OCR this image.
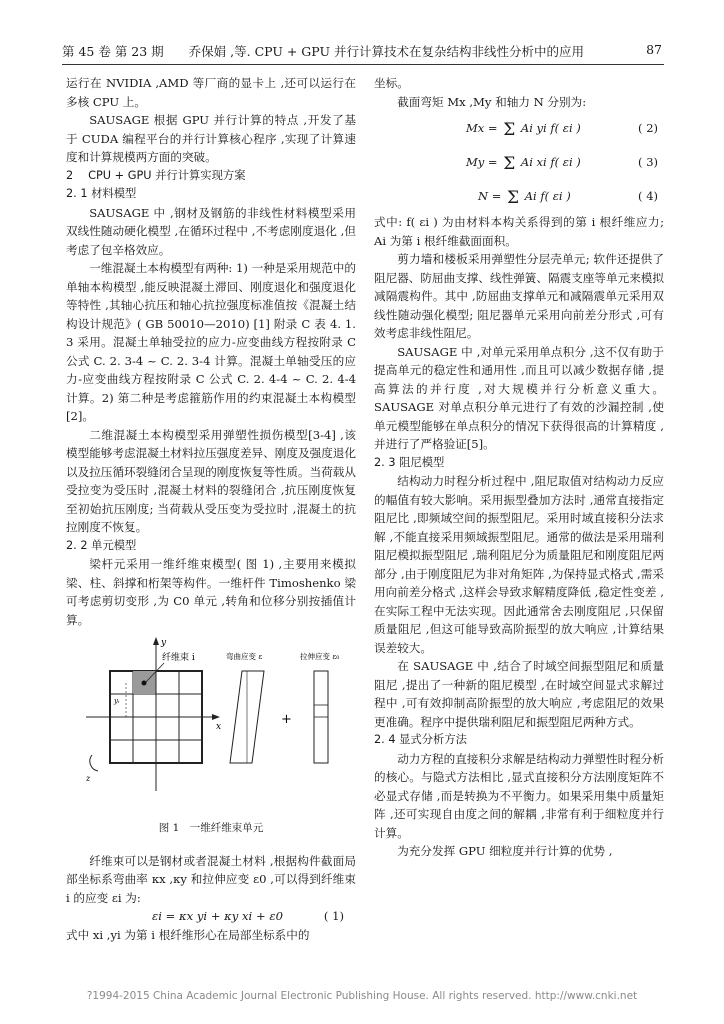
第 45 卷 第 23 期　　乔保娟 ,等. CPU + GPU 并行计算技术在复杂结构非线性分析中的应用	87

运行在 NVIDIA ,AMD 等厂商的显卡上 ,还可以运行在多核 CPU 上。

SAUSAGE 根据 GPU 并行计算的特点 ,开发了基于 CUDA 编程平台的并行计算核心程序 ,实现了计算速度和计算规模两方面的突破。

2　 CPU + GPU 并行计算实现方案

2. 1 材料模型

SAUSAGE 中 ,钢材及钢筋的非线性材料模型采用双线性随动硬化模型 ,在循环过程中 ,不考虑刚度退化 ,但考虑了包辛格效应。

一维混凝土本构模型有两种: 1) 一种是采用规范中的单轴本构模型 ,能反映混凝土滞回、刚度退化和强度退化等特性 ,其轴心抗压和轴心抗拉强度标准值按《混凝土结构设计规范》( GB 50010—2010) [1] 附录 C 表 4. 1. 3 采用。混凝土单轴受拉的应力-应变曲线方程按附录 C 公式 C. 2. 3-4 ~ C. 2. 3-4 计算。混凝土单轴受压的应力-应变曲线方程按附录 C 公式 C. 2. 4-4 ~ C. 2. 4-4 计算。2) 第二种是考虑箍筋作用的约束混凝土本构模型[2]。

二维混凝土本构模型采用弹塑性损伤模型[3-4] ,该模型能够考虑混凝土材料拉压强度差异、刚度及强度退化以及拉压循环裂缝闭合呈现的刚度恢复等性质。当荷载从受拉变为受压时 ,混凝土材料的裂缝闭合 ,抗压刚度恢复至初始抗压刚度; 当荷载从受压变为受拉时 ,混凝土的抗拉刚度不恢复。

2. 2 单元模型

梁杆元采用一维纤维束模型( 图 1) ,主要用来模拟梁、柱、斜撑和桁架等构件。一维杆件 Timoshenko 梁可考虑剪切变形 ,为 C0 单元 ,转角和位移分别按插值计算。

y
x
z
纤维束 i
yᵢ
弯曲应变 ε
+
拉伸应变 ε₀

图 1　一维纤维束单元

纤维束可以是钢材或者混凝土材料 ,根据构件截面局部坐标系弯曲率 κx ,κy 和拉伸应变 ε0 ,可以得到纤维束 i 的应变 εi 为:

εi = κx yi + κy xi + ε0	( 1)

式中 xi ,yi 为第 i 根纤维形心在局部坐标系中的

坐标。

截面弯矩 Mx ,My 和轴力 N 分别为:

Mx = Σ Ai yi f( εi )	( 2)
My = Σ Ai xi f( εi )	( 3)
N = Σ Ai f( εi )	( 4)

式中: f( εi ) 为由材料本构关系得到的第 i 根纤维应力; Ai 为第 i 根纤维截面面积。

剪力墙和楼板采用弹塑性分层壳单元; 软件还提供了阻尼器、防屈曲支撑、线性弹簧、隔震支座等单元来模拟减隔震构件。其中 ,防屈曲支撑单元和减隔震单元采用双线性随动强化模型; 阻尼器单元采用向前差分形式 ,可有效考虑非线性阻尼。

SAUSAGE 中 ,对单元采用单点积分 ,这不仅有助于提高单元的稳定性和通用性 ,而且可以减少数据存储 ,提高算法的并行度 ,对大规模并行分析意义重大。SAUSAGE 对单点积分单元进行了有效的沙漏控制 ,使单元模型能够在单点积分的情况下获得很高的计算精度 ,并进行了严格验证[5]。

2. 3 阻尼模型

结构动力时程分析过程中 ,阻尼取值对结构动力反应的幅值有较大影响。采用振型叠加方法时 ,通常直接指定阻尼比 ,即频域空间的振型阻尼。采用时域直接积分法求解 ,不能直接采用频域振型阻尼。通常的做法是采用瑞利阻尼模拟振型阻尼 ,瑞利阻尼分为质量阻尼和刚度阻尼两部分 ,由于刚度阻尼为非对角矩阵 ,为保持显式格式 ,需采用向前差分格式 ,这样会导致求解精度降低 ,稳定性变差 ,在实际工程中无法实现。因此通常舍去刚度阻尼 ,只保留质量阻尼 ,但这可能导致高阶振型的放大响应 ,计算结果误差较大。

在 SAUSAGE 中 ,结合了时域空间振型阻尼和质量阻尼 ,提出了一种新的阻尼模型 ,在时域空间显式求解过程中 ,可有效抑制高阶振型的放大响应 ,考虑阻尼的效果更准确。程序中提供瑞利阻尼和振型阻尼两种方式。

2. 4 显式分析方法

动力方程的直接积分求解是结构动力弹塑性时程分析的核心。与隐式方法相比 ,显式直接积分方法刚度矩阵不必显式存储 ,而是转换为不平衡力。如果采用集中质量矩阵 ,还可实现自由度之间的解耦 ,非常有利于细粒度并行计算。

为充分发挥 GPU 细粒度并行计算的优势 ,

?1994-2015 China Academic Journal Electronic Publishing House. All rights reserved. http://www.cnki.net
